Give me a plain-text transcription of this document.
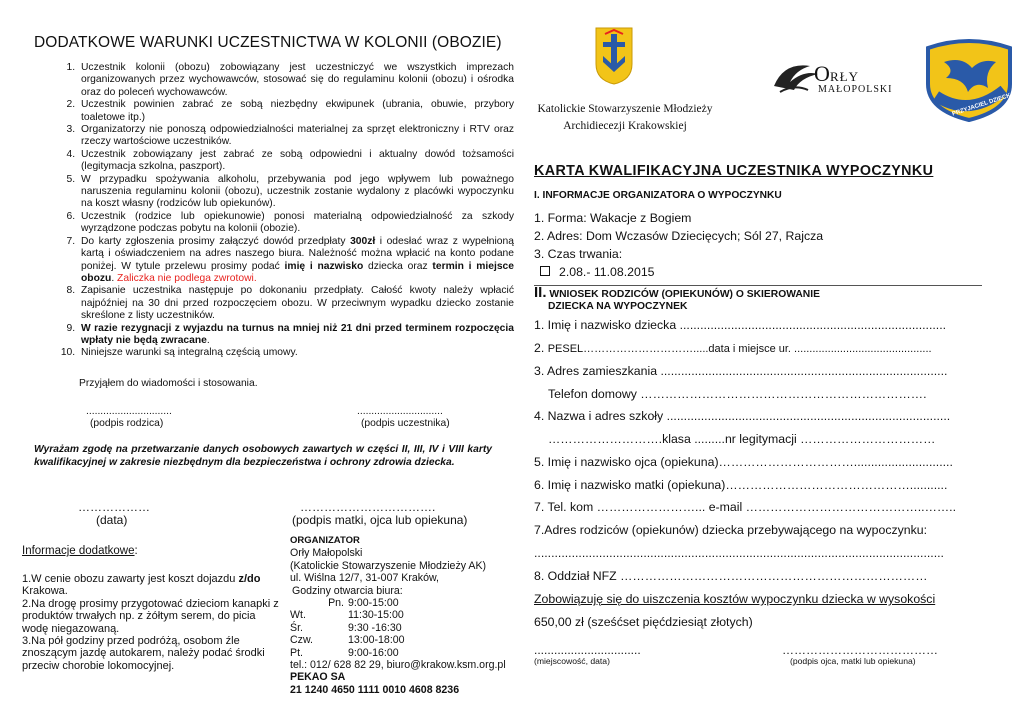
DODATKOWE WARUNKI UCZESTNICTWA W KOLONII (OBOZIE)
1. Uczestnik kolonii (obozu) zobowiązany jest uczestniczyć we wszystkich imprezach organizowanych przez wychowawców, stosować się do regulaminu kolonii (obozu) i ośrodka oraz do poleceń wychowawców.
2. Uczestnik powinien zabrać ze sobą niezbędny ekwipunek (ubrania, obuwie, przybory toaletowe itp.)
3. Organizatorzy nie ponoszą odpowiedzialności materialnej za sprzęt elektroniczny i RTV oraz rzeczy wartościowe uczestników.
4. Uczestnik zobowiązany jest zabrać ze sobą odpowiedni i aktualny dowód tożsamości (legitymacja szkolna, paszport).
5. W przypadku spożywania alkoholu, przebywania pod jego wpływem lub poważnego naruszenia regulaminu kolonii (obozu), uczestnik zostanie wydalony z placówki wypoczynku na koszt własny (rodziców lub opiekunów).
6. Uczestnik (rodzice lub opiekunowie) ponosi materialną odpowiedzialność za szkody wyrządzone podczas pobytu na kolonii (obozie).
7. Do karty zgłoszenia prosimy załączyć dowód przedpłaty 300zł i odesłać wraz z wypełnioną kartą i oświadczeniem na adres naszego biura. Należność można wpłacić na konto podane poniżej. W tytule przelewu prosimy podać imię i nazwisko dziecka oraz termin i miejsce obozu. Zaliczka nie podlega zwrotowi.
8. Zapisanie uczestnika następuje po dokonaniu przedpłaty. Całość kwoty należy wpłacić najpóźniej na 30 dni przed rozpoczęciem obozu. W przeciwnym wypadku dziecko zostanie skreślone z listy uczestników.
9. W razie rezygnacji z wyjazdu na turnus na mniej niż 21 dni przed terminem rozpoczęcia wpłaty nie będą zwracane.
10. Niniejsze warunki są integralną częścią umowy.
Przyjąłem do wiadomości i stosowania.
..............................
(podpis rodzica)
..............................
(podpis uczestnika)
Wyrażam zgodę na przetwarzanie danych osobowych zawartych w części II, III, IV i VIII karty kwalifikacyjnej w zakresie niezbędnym dla bezpieczeństwa i ochrony zdrowia dziecka.
………………
(data)
…………………………….
(podpis matki, ojca lub opiekuna)
Informacje dodatkowe:
1.W cenie obozu zawarty jest koszt dojazdu z/do Krakowa.
2.Na drogę prosimy przygotować dzieciom kanapki z produktów trwałych np. z żółtym serem, do picia wodę niegazowaną.
3.Na pół godziny przed podróżą, osobom źle znoszącym jazdę autokarem, należy podać środki przeciw chorobie lokomocyjnej.
ORGANIZATOR
Orły Małopolski
(Katolickie Stowarzyszenie Młodzieży AK)
ul. Wiślna 12/7, 31-007 Kraków,
Godziny otwarcia biura:
Pn. 9:00-15:00
Wt.	11:30-15:00
Śr.	9:30 -16:30
Czw.	13:00-18:00
Pt.	9:00-16:00
tel.: 012/ 628 82 29, biuro@krakow.ksm.org.pl
PEKAO SA
21 1240 4650 1111 0010 4608 8236
O RŁY
MAŁOPOLSKI
PRZYJACIEL DZIECKA
Katolickie Stowarzyszenie Młodzieży
Archidiecezji Krakowskiej
KARTA KWALIFIKACYJNA UCZESTNIKA WYPOCZYNKU
I. INFORMACJE ORGANIZATORA O WYPOCZYNKU
1. Forma: Wakacje z Bogiem
2. Adres: Dom Wczasów Dziecięcych; Sól 27, Rajcza
3. Czas trwania:
2.08.- 11.08.2015
II. WNIOSEK RODZICÓW (OPIEKUNÓW) O SKIEROWANIE
DZIECKA NA WYPOCZYNEK
1. Imię i nazwisko dziecka ..............................................................................
2. PESEL………………………….....data i miejsce ur. .............................................
3. Adres zamieszkania ....................................................................................
Telefon domowy …………………………………………………………….
4. Nazwa i adres szkoły ...................................................................................
……………………….klasa .........nr legitymacji ……………………………
5. Imię i nazwisko ojca (opiekuna)…………………………….............................
6. Imię i nazwisko matki (opiekuna)………………………………………...........
7. Tel. kom ……………………... e-mail ……………………………………..……..
7.Adres rodziców (opiekunów) dziecka przebywającego na wypoczynku:
........................................................................................................................
8. Oddział NFZ …………………………………………………………………
Zobowiązuję się do uiszczenia kosztów wypoczynku dziecka w wysokości
650,00 zł (sześćset pięćdziesiąt złotych)
................................
(miejscowość, data)
…………………………………
(podpis ojca, matki lub opiekuna)
